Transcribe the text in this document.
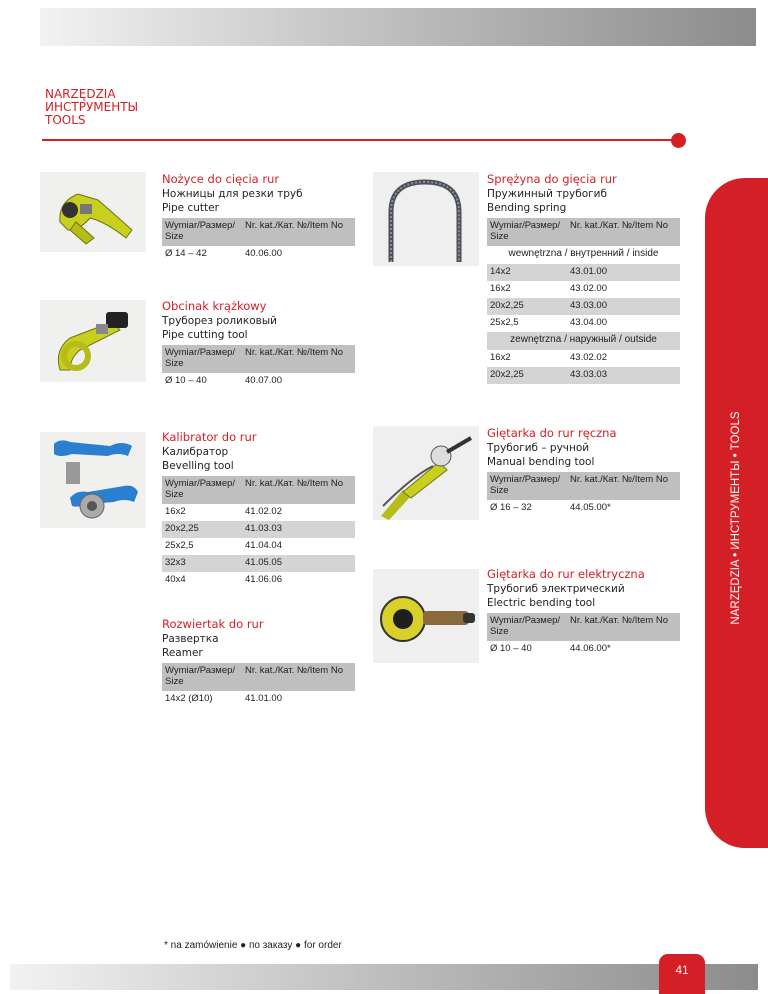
NARZĘDZIA
ИНСТРУМЕНТЫ
TOOLS
NARZĘDZIA • ИНСТРУМЕНТЫ • TOOLS
Nożyce do cięcia rur
Ножницы для резки труб
Pipe cutter
Wymiar/Размер/ Size	Nr. kat./Кат. №/Item No
Ø 14 – 42	40.06.00
Obcinak krążkowy
Труборез роликовый
Pipe cutting tool
Wymiar/Размер/ Size	Nr. kat./Кат. №/Item No
Ø 10 – 40	40.07.00
Kalibrator do rur
Калибратор
Bevelling tool
Wymiar/Размер/ Size	Nr. kat./Кат. №/Item No
16x2	41.02.02
20x2,25	41.03.03
25x2,5	41.04.04
32x3	41.05.05
40x4	41.06.06
Rozwiertak do rur
Развертка
Reamer
Wymiar/Размер/ Size	Nr. kat./Кат. №/Item No
14x2 (Ø10)	41.01.00
Sprężyna do gięcia rur
Пружинный трубогиб
Bending spring
Wymiar/Размер/ Size	Nr. kat./Кат. №/Item No
wewnętrzna / внутренний / inside	
14x2	43.01.00
16x2	43.02.00
20x2,25	43.03.00
25x2,5	43.04.00
zewnętrzna / наружный / outside	
16x2	43.02.02
20x2,25	43.03.03
Giętarka do rur ręczna
Трубогиб – ручной
Manual bending tool
Wymiar/Размер/ Size	Nr. kat./Кат. №/Item No
Ø 16 – 32	44.05.00*
Giętarka do rur elektryczna
Трубогиб электрический
Electric bending tool
Wymiar/Размер/ Size	Nr. kat./Кат. №/Item No
Ø 10 – 40	44.06.00*
* na zamówienie ● по заказу ● for order
41
